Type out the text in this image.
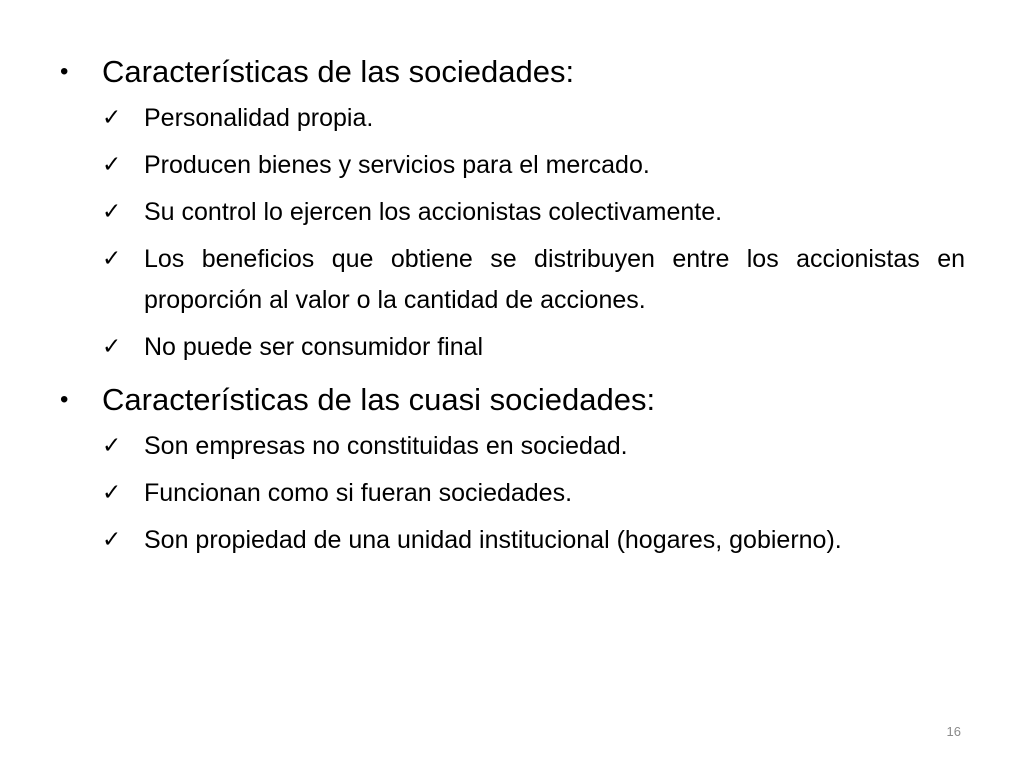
•	Características de las sociedades:
✓ Personalidad propia.
✓ Producen bienes y servicios para el mercado.
✓ Su control lo ejercen los accionistas colectivamente.
✓ Los beneficios que obtiene se distribuyen entre los accionistas en proporción al valor o la cantidad de acciones.
✓ No puede ser consumidor final
•	Características de las cuasi sociedades:
✓ Son empresas no constituidas en sociedad.
✓ Funcionan como si fueran sociedades.
✓ Son propiedad de una unidad institucional (hogares, gobierno).
16
